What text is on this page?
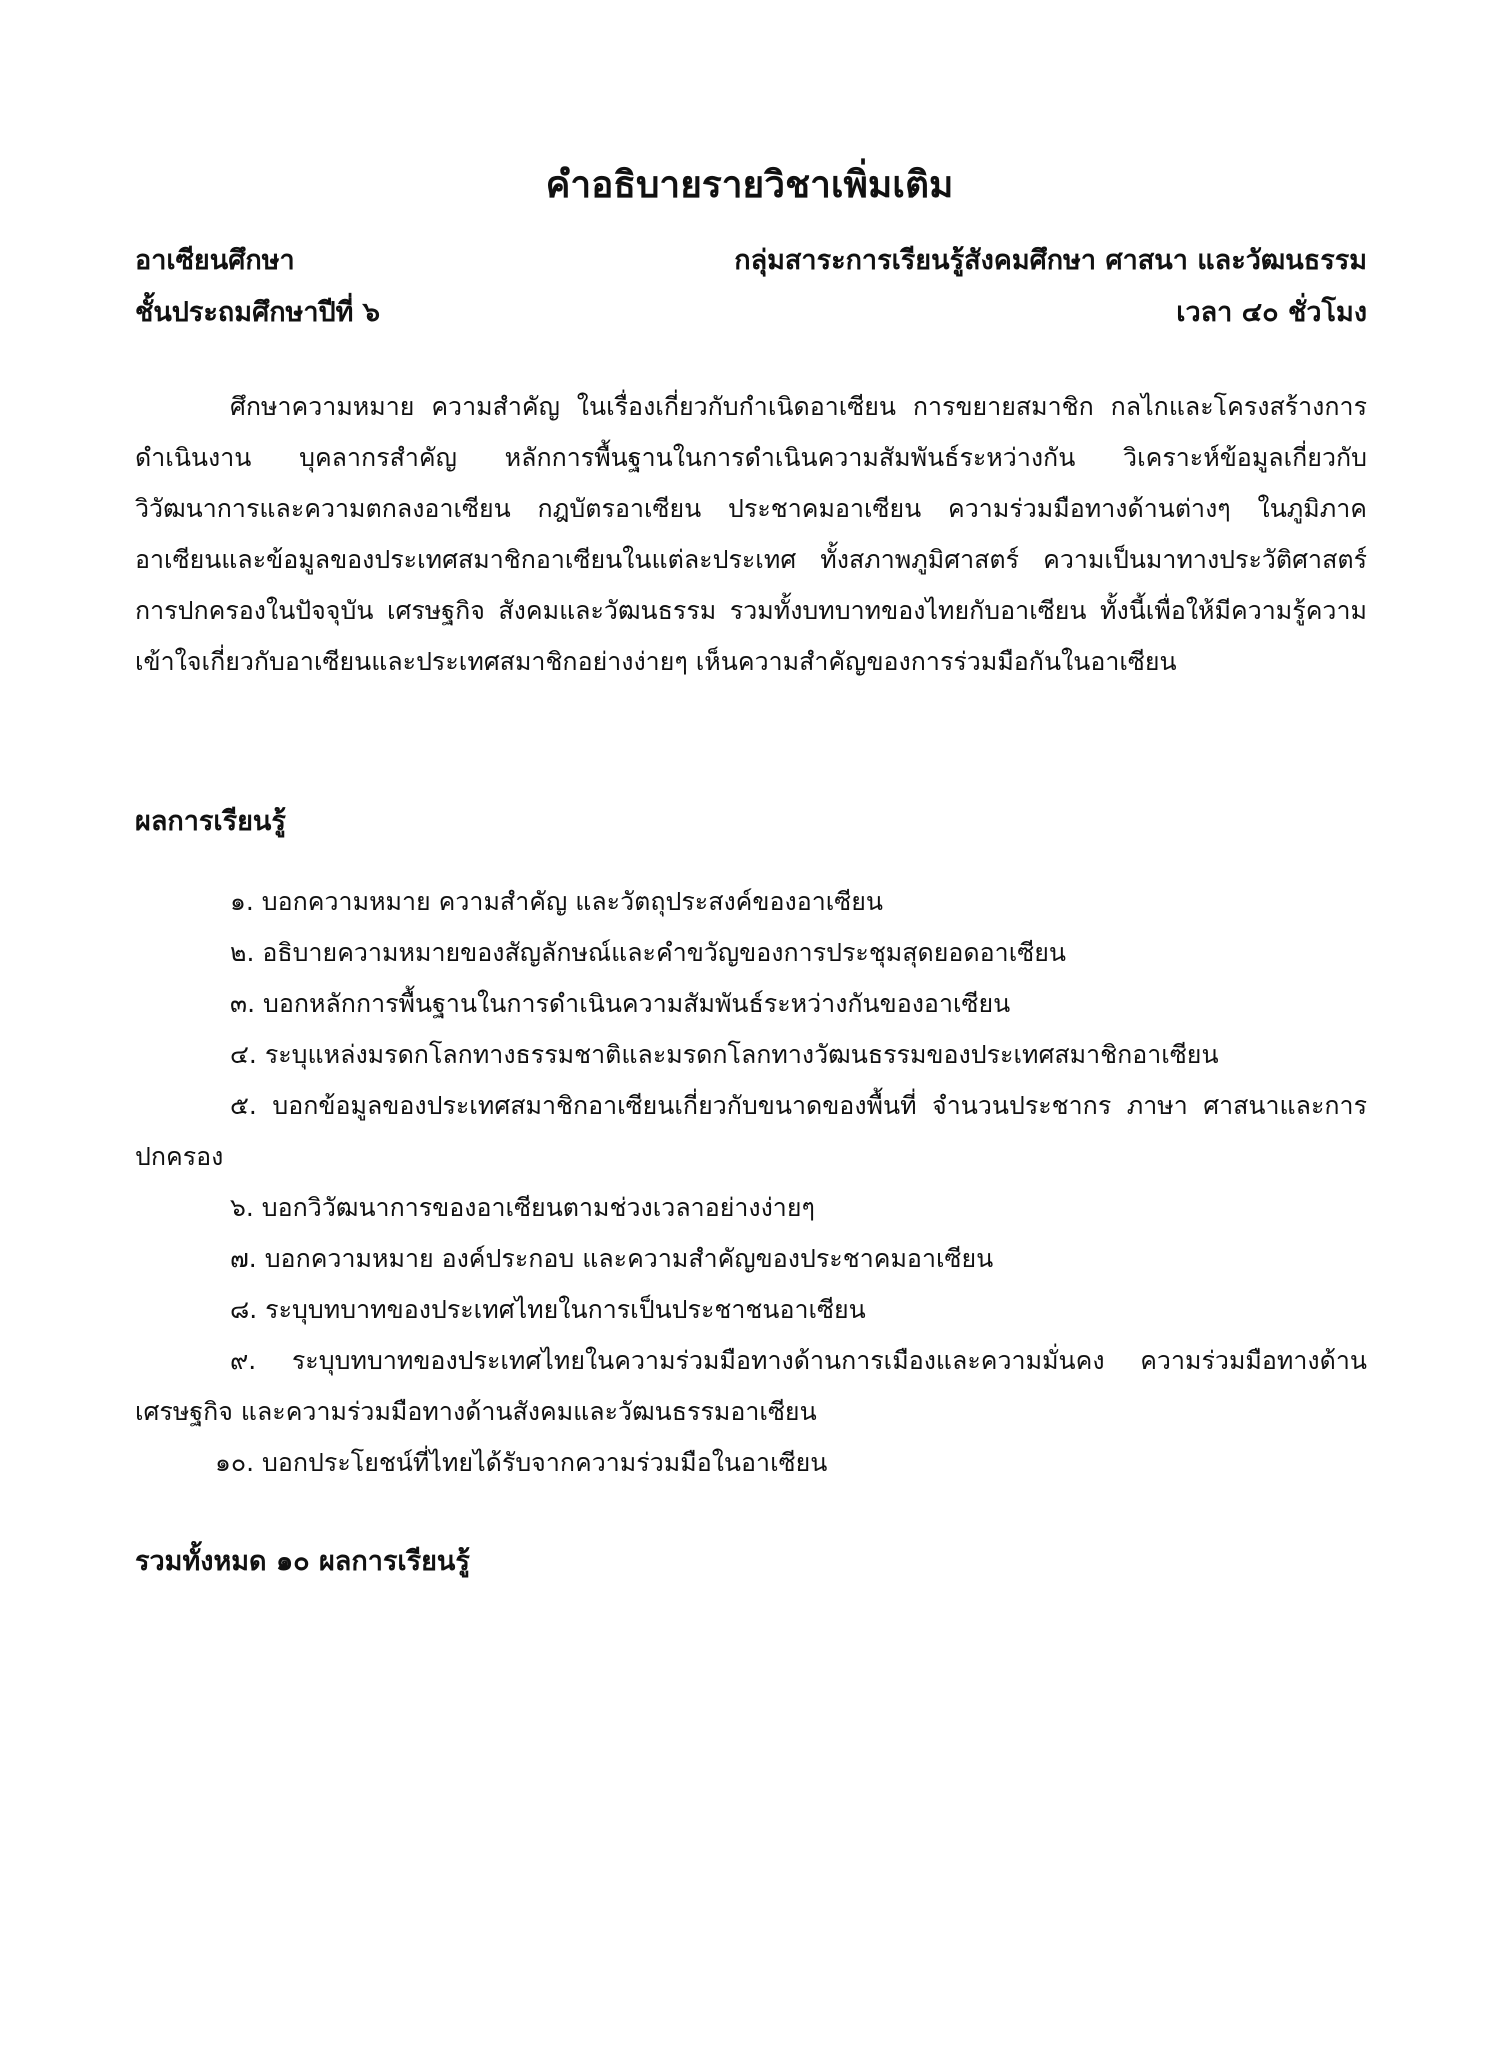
คำอธิบายรายวิชาเพิ่มเติม
อาเซียนศึกษา	กลุ่มสาระการเรียนรู้สังคมศึกษา ศาสนา และวัฒนธรรม
ชั้นประถมศึกษาปีที่ ๖	เวลา ๔๐ ชั่วโมง

ศึกษาความหมาย ความสำคัญ ในเรื่องเกี่ยวกับกำเนิดอาเซียน การขยายสมาชิก กลไกและโครงสร้างการดำเนินงาน บุคลากรสำคัญ หลักการพื้นฐานในการดำเนินความสัมพันธ์ระหว่างกัน วิเคราะห์ข้อมูลเกี่ยวกับวิวัฒนาการและความตกลงอาเซียน กฎบัตรอาเซียน ประชาคมอาเซียน ความร่วมมือทางด้านต่างๆ ในภูมิภาคอาเซียนและข้อมูลของประเทศสมาชิกอาเซียนในแต่ละประเทศ ทั้งสภาพภูมิศาสตร์ ความเป็นมาทางประวัติศาสตร์ การปกครองในปัจจุบัน เศรษฐกิจ สังคมและวัฒนธรรม รวมทั้งบทบาทของไทยกับอาเซียน ทั้งนี้เพื่อให้มีความรู้ความเข้าใจเกี่ยวกับอาเซียนและประเทศสมาชิกอย่างง่ายๆ เห็นความสำคัญของการร่วมมือกันในอาเซียน

ผลการเรียนรู้
๑. บอกความหมาย ความสำคัญ และวัตถุประสงค์ของอาเซียน
๒. อธิบายความหมายของสัญลักษณ์และคำขวัญของการประชุมสุดยอดอาเซียน
๓. บอกหลักการพื้นฐานในการดำเนินความสัมพันธ์ระหว่างกันของอาเซียน
๔. ระบุแหล่งมรดกโลกทางธรรมชาติและมรดกโลกทางวัฒนธรรมของประเทศสมาชิกอาเซียน
๕. บอกข้อมูลของประเทศสมาชิกอาเซียนเกี่ยวกับขนาดของพื้นที่ จำนวนประชากร ภาษา ศาสนาและการปกครอง
๖. บอกวิวัฒนาการของอาเซียนตามช่วงเวลาอย่างง่ายๆ
๗. บอกความหมาย องค์ประกอบ และความสำคัญของประชาคมอาเซียน
๘. ระบุบทบาทของประเทศไทยในการเป็นประชาชนอาเซียน
๙. ระบุบทบาทของประเทศไทยในความร่วมมือทางด้านการเมืองและความมั่นคง ความร่วมมือทางด้านเศรษฐกิจ และความร่วมมือทางด้านสังคมและวัฒนธรรมอาเซียน
๑๐. บอกประโยชน์ที่ไทยได้รับจากความร่วมมือในอาเซียน

รวมทั้งหมด ๑๐ ผลการเรียนรู้
